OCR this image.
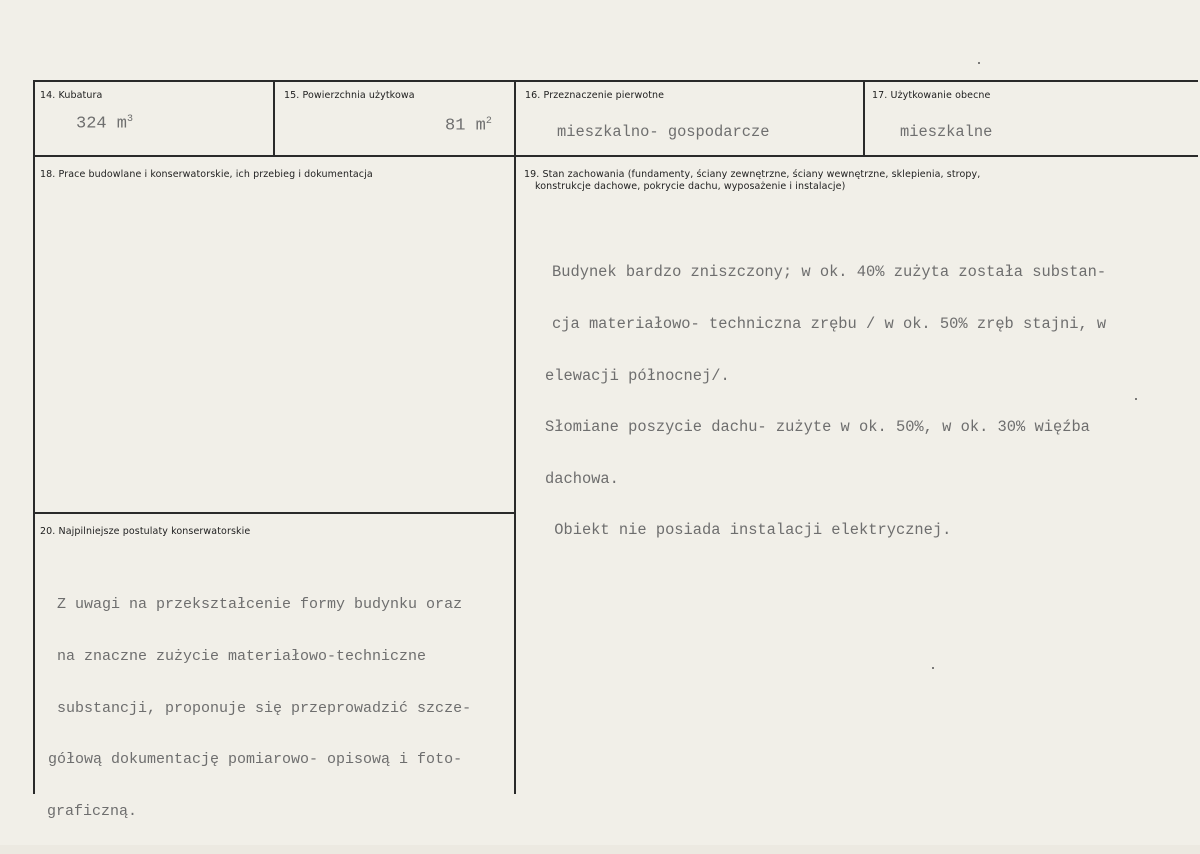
14. Kubatura
324 $m^3$
15. Powierzchnia użytkowa
81 $m^2$
16. Przeznaczenie pierwotne
mieszkalno- gospodarcze
17. Użytkowanie obecne
mieszkalne
18. Prace budowlane i konserwatorskie, ich przebieg i dokumentacja	19. Stan zachowania (fundamenty, ściany zewnętrzne, ściany wewnętrzne, sklepienia, stropy,
konstrukcje dachowe, pokrycie dachu, wyposażenie i instalacje)

Budynek bardzo zniszczony; w ok. 40% zużyta została substan-

cja materiałowo- techniczna zrębu / w ok. 50% zręb stajni, w

elewacji północnej/.

Słomiane poszycie dachu- zużyte w ok. 50%, w ok. 30% więźba

dachowa.

Obiekt nie posiada instalacji elektrycznej.

20. Najpilniejsze postulaty konserwatorskie

Z uwagi na przekształcenie formy budynku oraz

na znaczne zużycie materiałowo-techniczne

substancji, proponuje się przeprowadzić szcze-

gółową dokumentację pomiarowo- opisową i foto-

graficzną.
